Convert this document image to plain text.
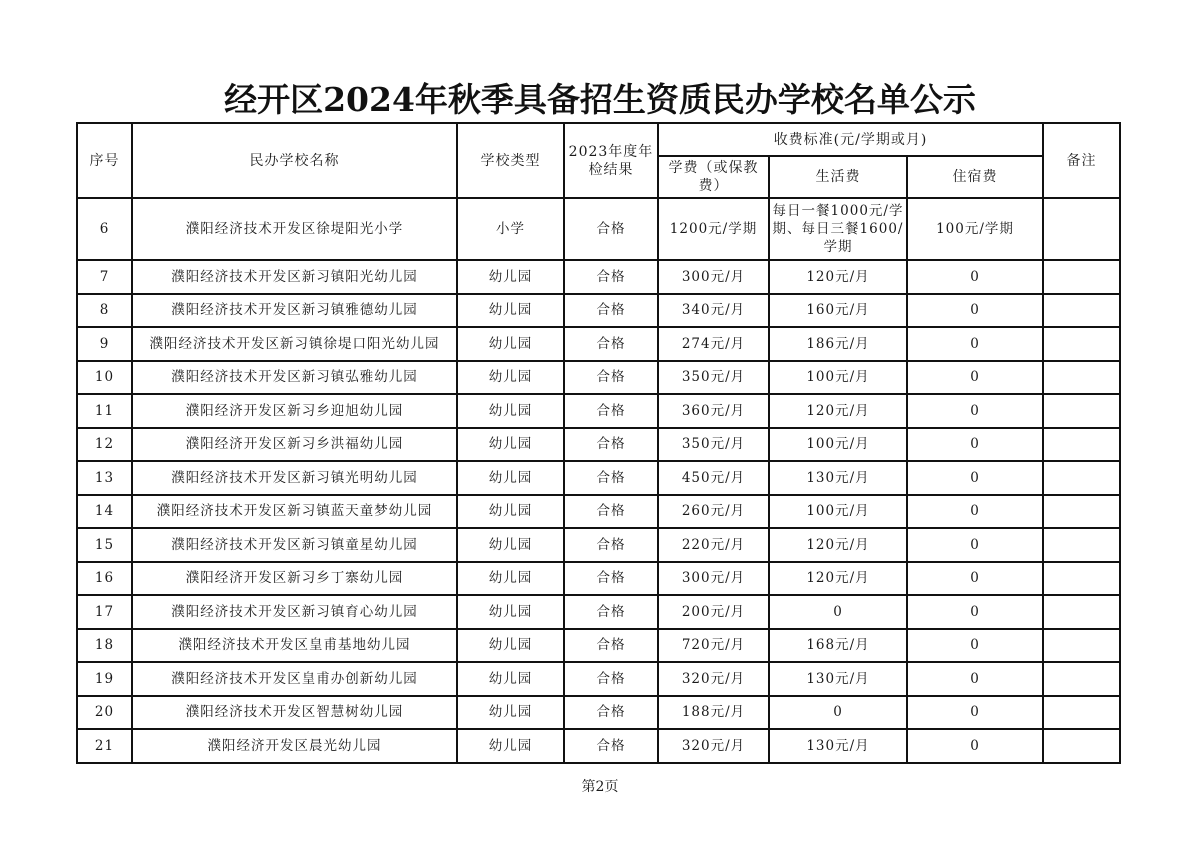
经开区2024年秋季具备招生资质民办学校名单公示
序号	民办学校名称	学校类型	2023年度年检结果	收费标准(元/学期或月)			备注
				学费（或保教费）	生活费	住宿费	
6	濮阳经济技术开发区徐堤阳光小学	小学	合格	1200元/学期	每日一餐1000元/学期、每日三餐1600/学期	100元/学期	
7	濮阳经济技术开发区新习镇阳光幼儿园	幼儿园	合格	300元/月	120元/月	0	
8	濮阳经济技术开发区新习镇雅德幼儿园	幼儿园	合格	340元/月	160元/月	0	
9	濮阳经济技术开发区新习镇徐堤口阳光幼儿园	幼儿园	合格	274元/月	186元/月	0	
10	濮阳经济技术开发区新习镇弘雅幼儿园	幼儿园	合格	350元/月	100元/月	0	
11	濮阳经济开发区新习乡迎旭幼儿园	幼儿园	合格	360元/月	120元/月	0	
12	濮阳经济开发区新习乡洪福幼儿园	幼儿园	合格	350元/月	100元/月	0	
13	濮阳经济技术开发区新习镇光明幼儿园	幼儿园	合格	450元/月	130元/月	0	
14	濮阳经济技术开发区新习镇蓝天童梦幼儿园	幼儿园	合格	260元/月	100元/月	0	
15	濮阳经济技术开发区新习镇童星幼儿园	幼儿园	合格	220元/月	120元/月	0	
16	濮阳经济开发区新习乡丁寨幼儿园	幼儿园	合格	300元/月	120元/月	0	
17	濮阳经济技术开发区新习镇育心幼儿园	幼儿园	合格	200元/月	0	0	
18	濮阳经济技术开发区皇甫基地幼儿园	幼儿园	合格	720元/月	168元/月	0	
19	濮阳经济技术开发区皇甫办创新幼儿园	幼儿园	合格	320元/月	130元/月	0	
20	濮阳经济技术开发区智慧树幼儿园	幼儿园	合格	188元/月	0	0	
21	濮阳经济开发区晨光幼儿园	幼儿园	合格	320元/月	130元/月	0	
第2页
